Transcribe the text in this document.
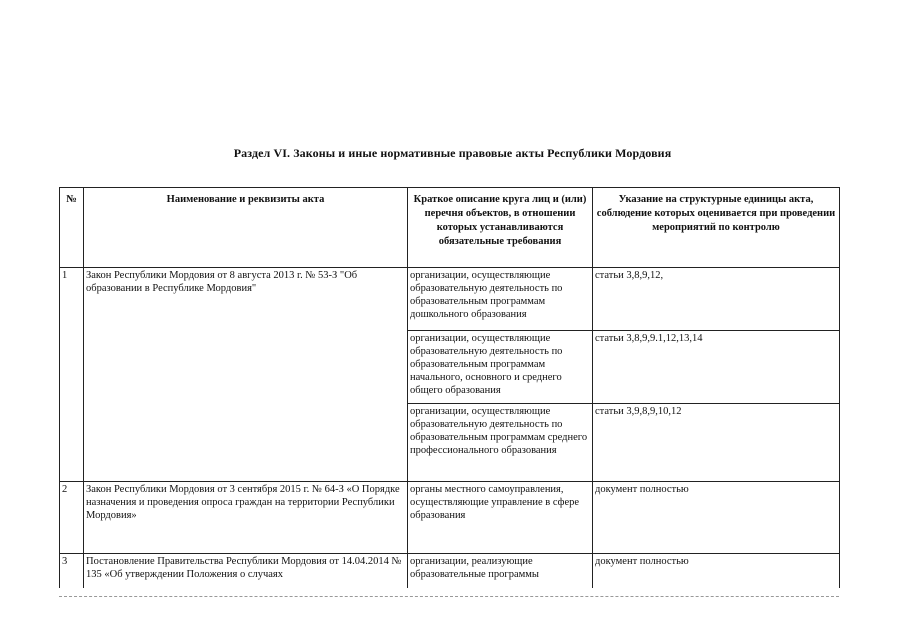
Раздел VI. Законы и иные нормативные правовые акты Республики Мордовия
№	Наименование и реквизиты акта	Краткое описание круга лиц и (или) перечня объектов, в отношении которых устанавливаются обязательные требования	Указание на структурные единицы акта, соблюдение которых оценивается при проведении мероприятий по контролю
1	Закон Республики Мордовия от 8 августа 2013 г. № 53-З "Об образовании в Республике Мордовия"	организации, осуществляющие образовательную деятельность по образовательным программам дошкольного образования	статьи 3,8,9,12,
		организации, осуществляющие образовательную деятельность по образовательным программам начального, основного и среднего общего образования	статьи 3,8,9,9.1,12,13,14
		организации, осуществляющие образовательную деятельность по образовательным программам среднего профессионального образования	статьи 3,9,8,9,10,12
2	Закон Республики Мордовия от 3 сентября 2015 г. № 64-З «О Порядке назначения и проведения опроса граждан на территории Республики Мордовия»	органы местного самоуправления, осуществляющие управление в сфере образования	документ полностью
3	Постановление Правительства Республики Мордовия от 14.04.2014 № 135 «Об утверждении Положения о случаях	организации, реализующие образовательные программы	документ полностью
